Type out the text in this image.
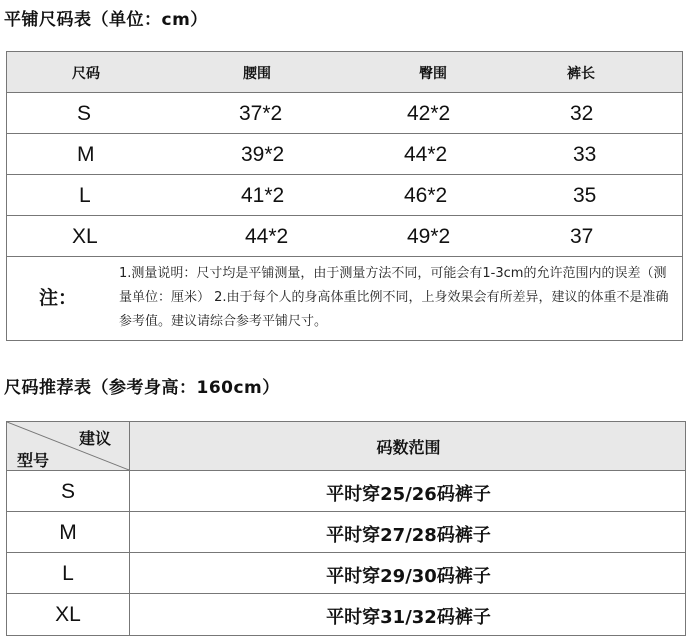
平铺尺码表（单位：cm）
尺码	腰围	臀围	裤长
S	37*2	42*2	32
M	39*2	44*2	33
L	41*2	46*2	35
XL	44*2	49*2	37
注：
1.测量说明：尺寸均是平铺测量，由于测量方法不同，可能会有1-3cm的允许范围内的误差（测量单位：厘米） 2.由于每个人的身高体重比例不同，上身效果会有所差异，建议的体重不是准确参考值。建议请综合参考平铺尺寸。
尺码推荐表（参考身高：160cm）
建议
型号
码数范围
S	平时穿25/26码裤子
M	平时穿27/28码裤子
L	平时穿29/30码裤子
XL	平时穿31/32码裤子
